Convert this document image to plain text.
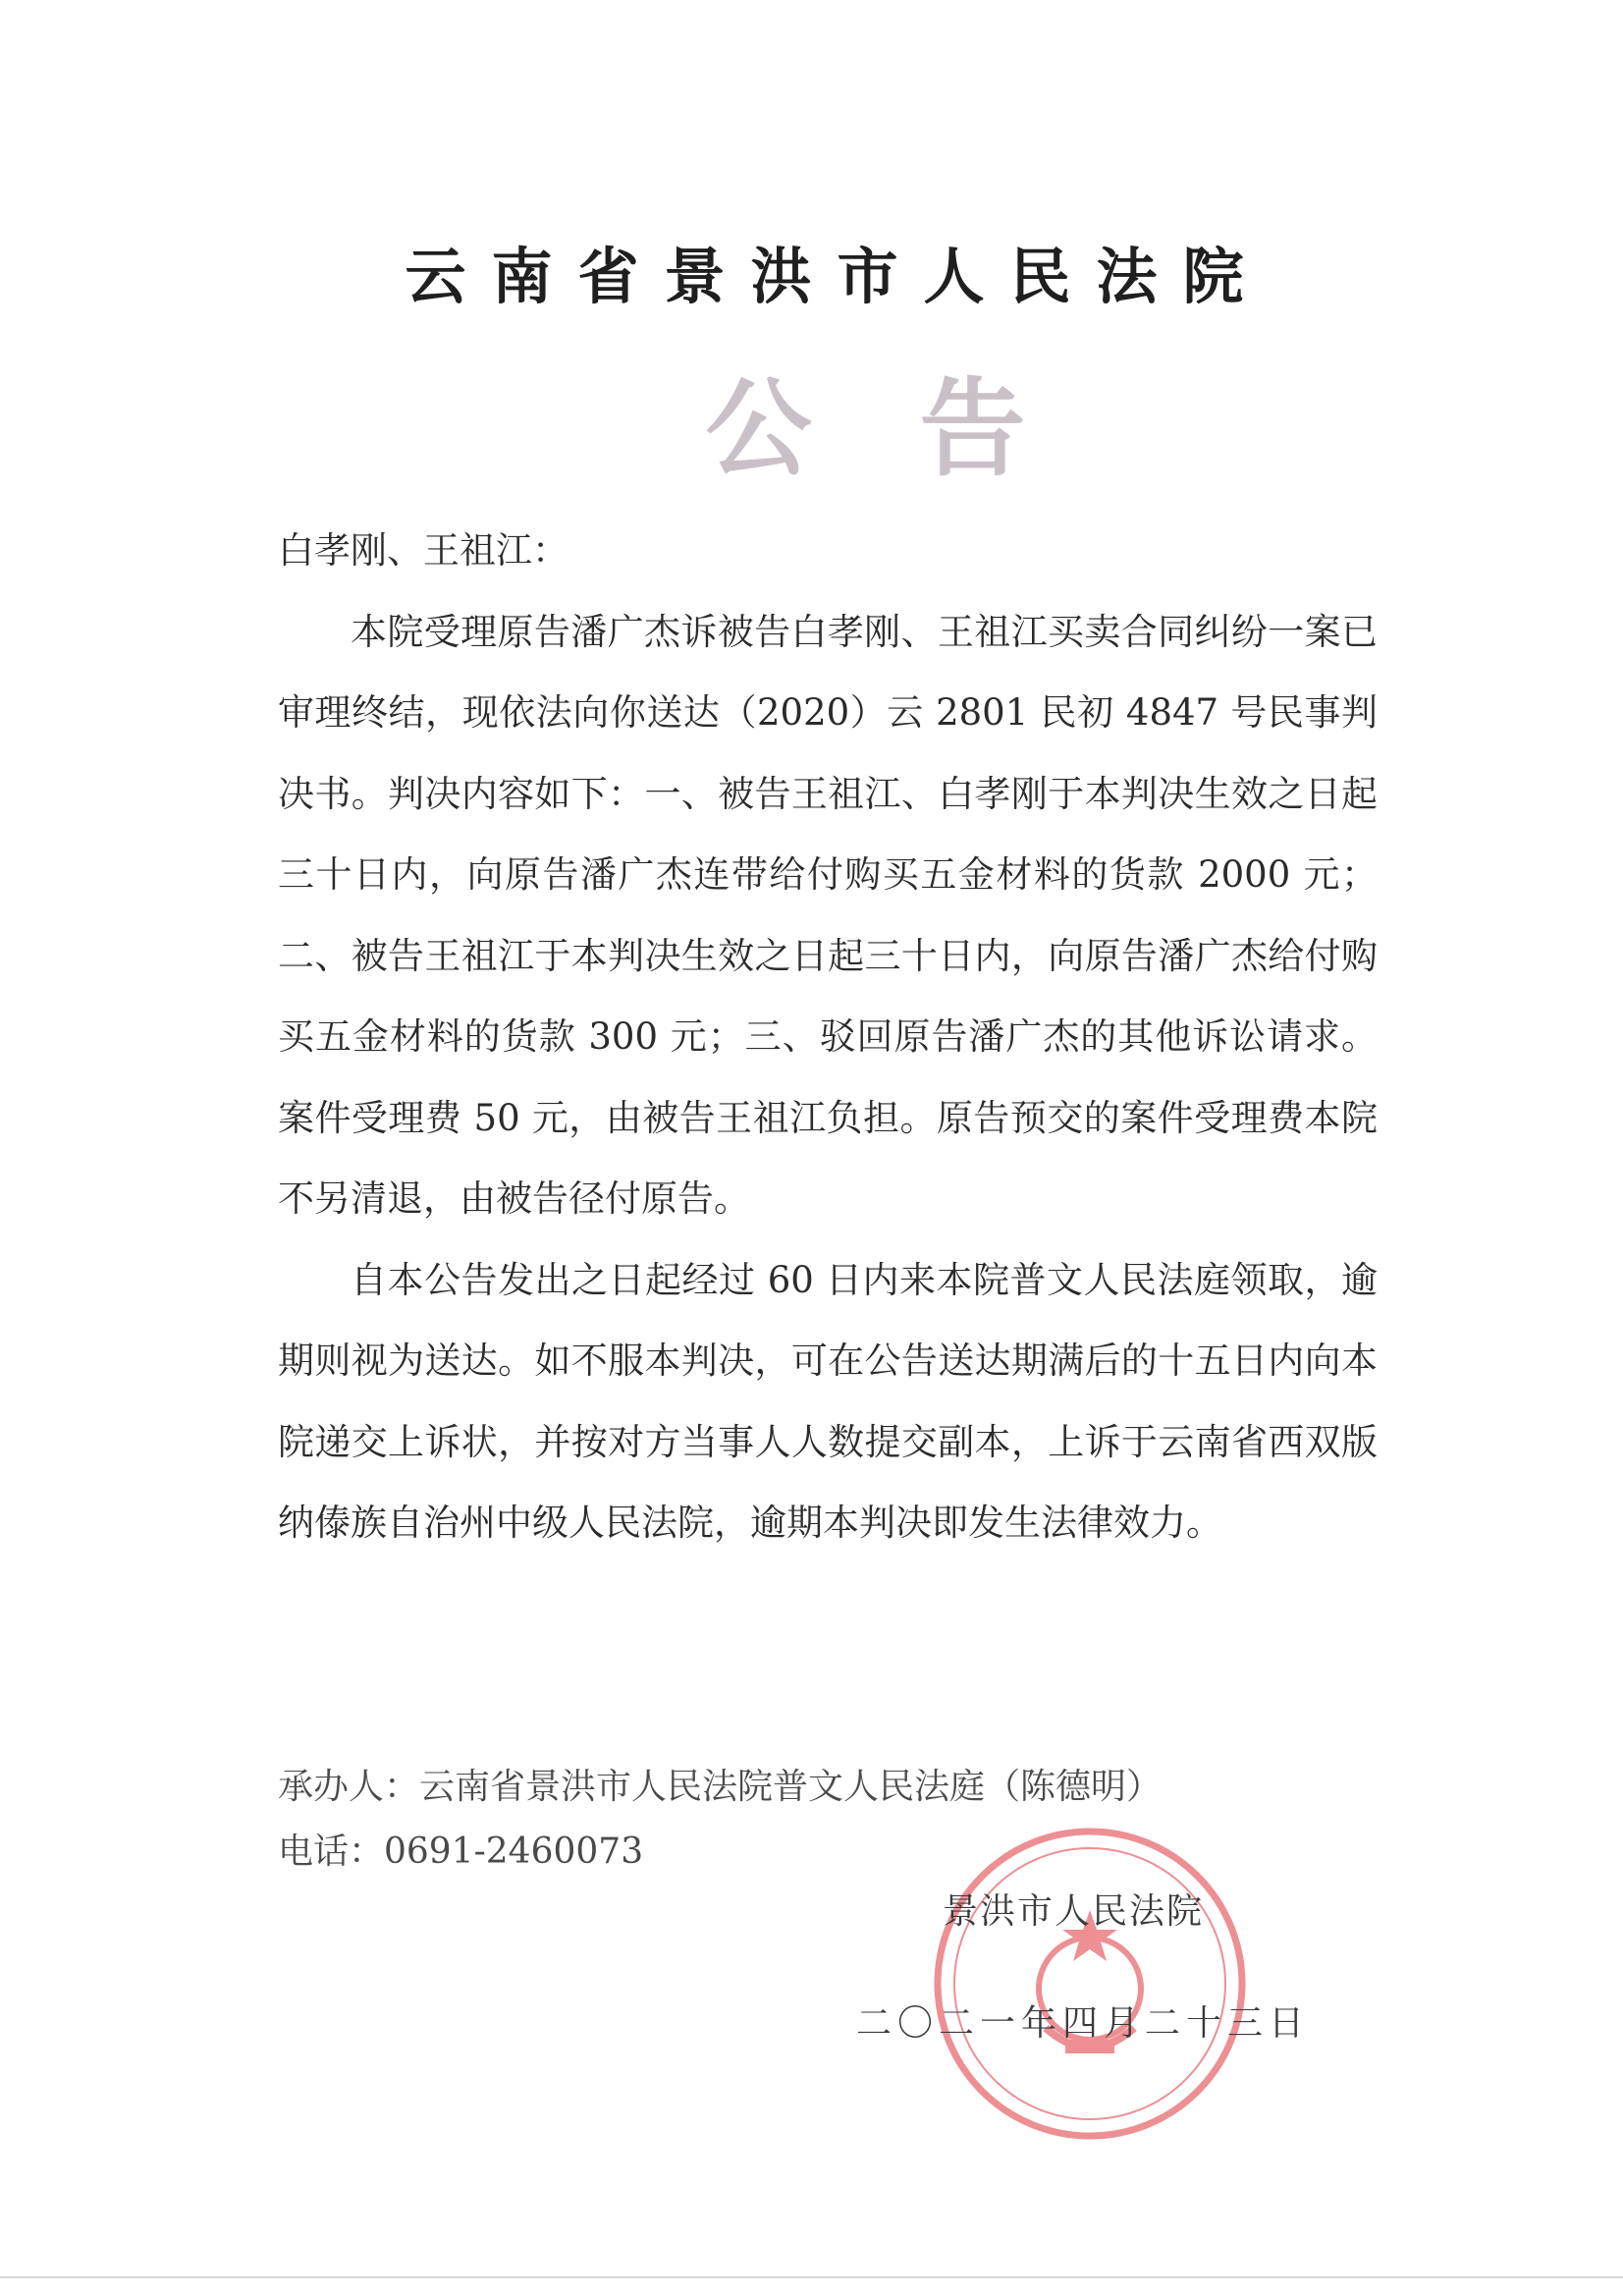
云南省景洪市人民法院
公告

白孝刚、王祖江：

本院受理原告潘广杰诉被告白孝刚、王祖江买卖合同纠纷一案已审理终结，现依法向你送达（2020）云 2801 民初 4847 号民事判决书。判决内容如下：一、被告王祖江、白孝刚于本判决生效之日起三十日内，向原告潘广杰连带给付购买五金材料的货款 2000 元；二、被告王祖江于本判决生效之日起三十日内，向原告潘广杰给付购买五金材料的货款 300 元；三、驳回原告潘广杰的其他诉讼请求。案件受理费 50 元，由被告王祖江负担。原告预交的案件受理费本院不另清退，由被告径付原告。

自本公告发出之日起经过 60 日内来本院普文人民法庭领取，逾期则视为送达。如不服本判决，可在公告送达期满后的十五日内向本院递交上诉状，并按对方当事人人数提交副本，上诉于云南省西双版纳傣族自治州中级人民法院，逾期本判决即发生法律效力。

承办人：云南省景洪市人民法院普文人民法庭（陈德明）

电话：0691-2460073

景洪市人民法院
二〇二一年四月二十三日
